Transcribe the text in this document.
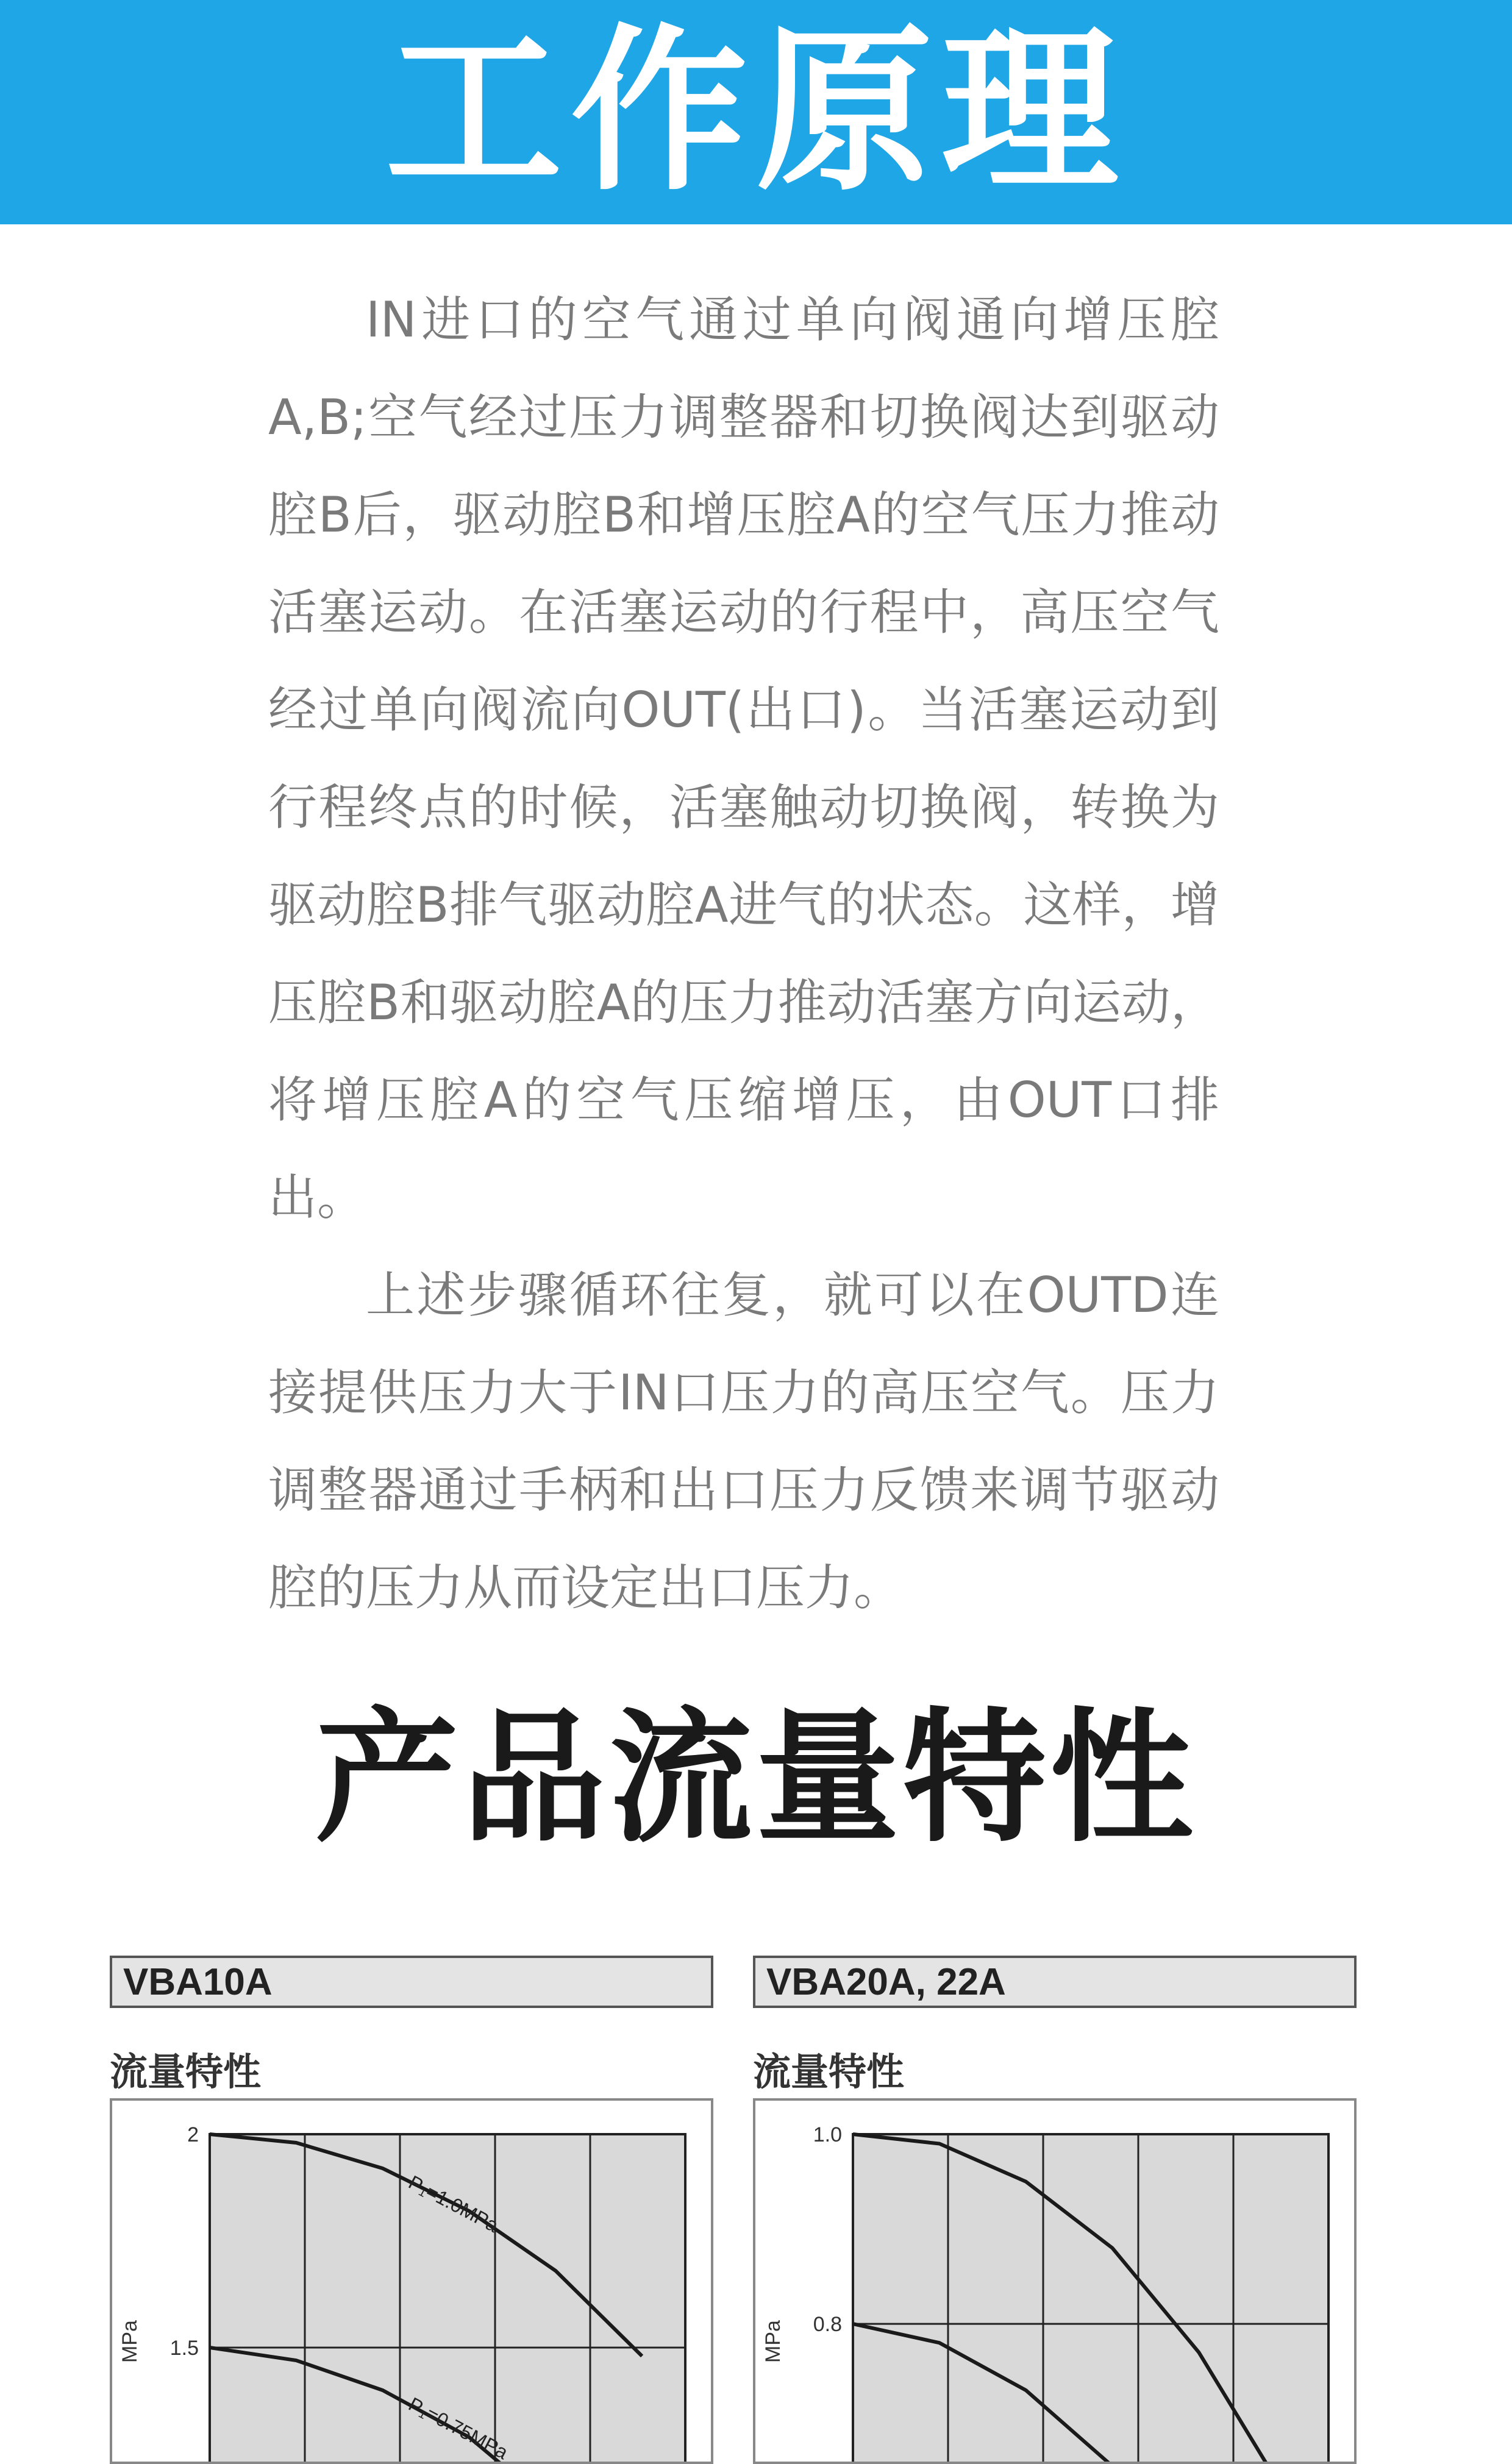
工作原理

IN进口的空气通过单向阀通向增压腔A,B;空气经过压力调整器和切换阀达到驱动腔B后，驱动腔B和增压腔A的空气压力推动活塞运动。在活塞运动的行程中，高压空气经过单向阀流向OUT(出口)。当活塞运动到行程终点的时候，活塞触动切换阀，转换为驱动腔B排气驱动腔A进气的状态。这样，增压腔B和驱动腔A的压力推动活塞方向运动，将增压腔A的空气压缩增压，由OUT口排出。

上述步骤循环往复，就可以在OUTD连接提供压力大于IN口压力的高压空气。压力调整器通过手柄和出口压力反馈来调节驱动腔的压力从而设定出口压力。

产品流量特性
VBA10A
流量特性
2
1.5
MPa
P₁=1.0MPa
P₁=0.75MPa
VBA20A, 22A
流量特性
1.0
0.8
MPa
